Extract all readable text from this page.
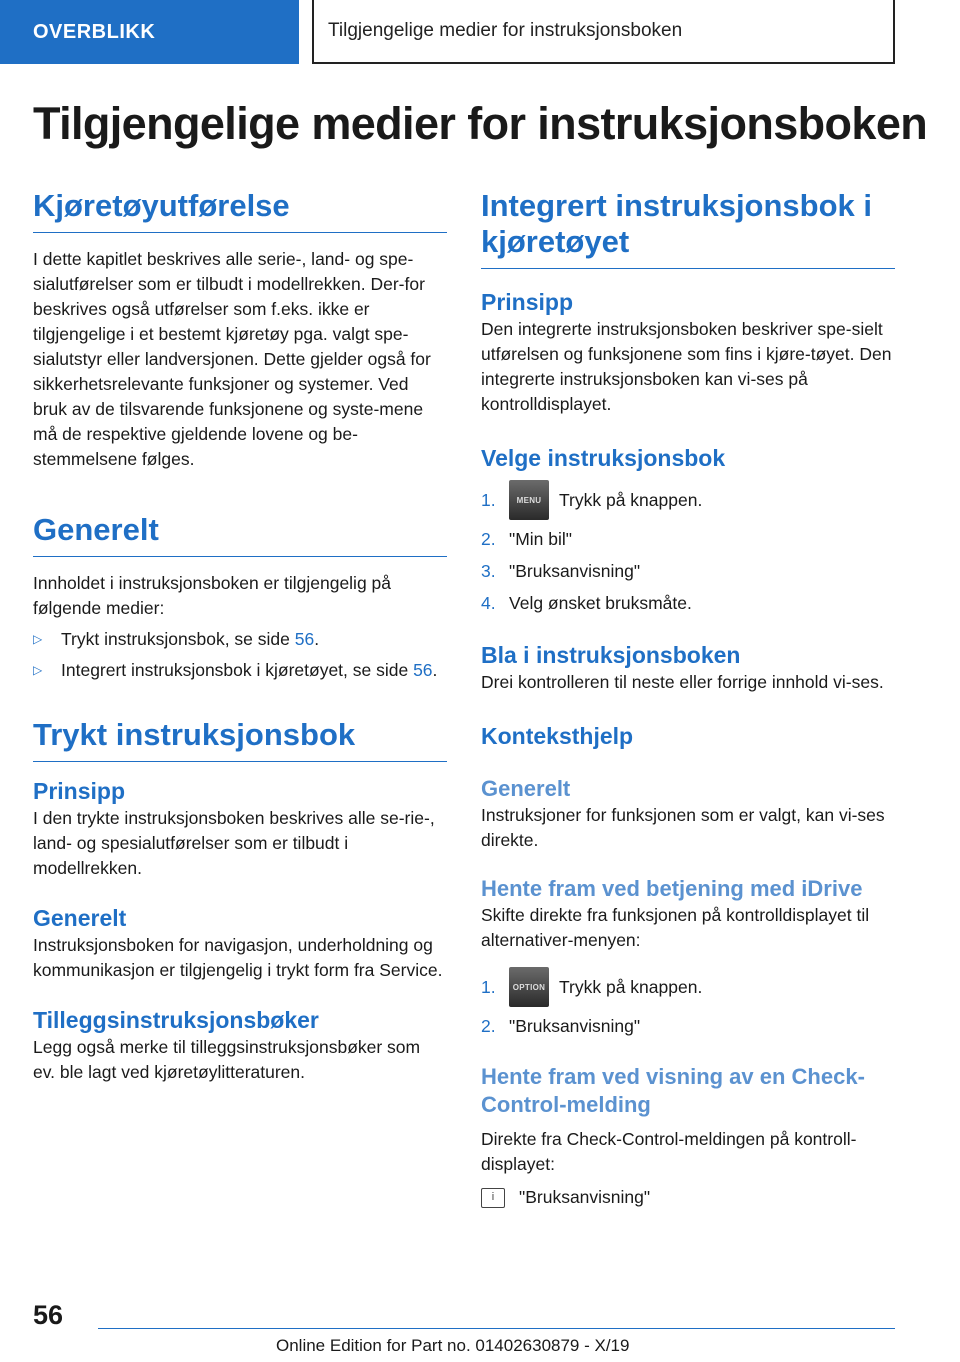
OVERBLIKK	Tilgjengelige medier for instruksjonsboken
Tilgjengelige medier for instruksjonsboken
Kjøretøyutførelse

I dette kapitlet beskrives alle serie-, land- og spe-sialutførelser som er tilbudt i modellrekken. Der-for beskrives også utførelser som f.eks. ikke er tilgjengelige i et bestemt kjøretøy pga. valgt spe-sialutstyr eller landversjonen. Dette gjelder også for sikkerhetsrelevante funksjoner og systemer. Ved bruk av de tilsvarende funksjonene og syste-mene må de respektive gjeldende lovene og be-stemmelsene følges.

Generelt

Innholdet i instruksjonsboken er tilgjengelig på følgende medier:

▷	Trykt instruksjonsbok, se side 56.
▷	Integrert instruksjonsbok i kjøretøyet, se side 56.
Trykt instruksjonsbok
Prinsipp

I den trykte instruksjonsboken beskrives alle se-rie-, land- og spesialutførelser som er tilbudt i modellrekken.

Generelt

Instruksjonsboken for navigasjon, underholdning og kommunikasjon er tilgjengelig i trykt form fra Service.

Tilleggsinstruksjonsbøker

Legg også merke til tilleggsinstruksjonsbøker som ev. ble lagt ved kjøretøylitteraturen.

Integrert instruksjonsbok i kjøretøyet
Prinsipp

Den integrerte instruksjonsboken beskriver spe-sielt utførelsen og funksjonene som fins i kjøre-tøyet. Den integrerte instruksjonsboken kan vi-ses på kontrolldisplayet.

Velge instruksjonsbok
1.	MENU	Trykk på knappen.
2. "Min bil"
3. "Bruksanvisning"
4. Velg ønsket bruksmåte.
Bla i instruksjonsboken

Drei kontrolleren til neste eller forrige innhold vi-ses.

Konteksthjelp
Generelt

Instruksjoner for funksjonen som er valgt, kan vi-ses direkte.

Hente fram ved betjening med iDrive

Skifte direkte fra funksjonen på kontrolldisplayet til alternativer-menyen:

1.	OPTION Trykk på knappen.
2. "Bruksanvisning"
Hente fram ved visning av en Check-Control-melding

Direkte fra Check-Control-meldingen på kontroll-displayet:

i	"Bruksanvisning"
56
Online Edition for Part no. 01402630879 - X/19
